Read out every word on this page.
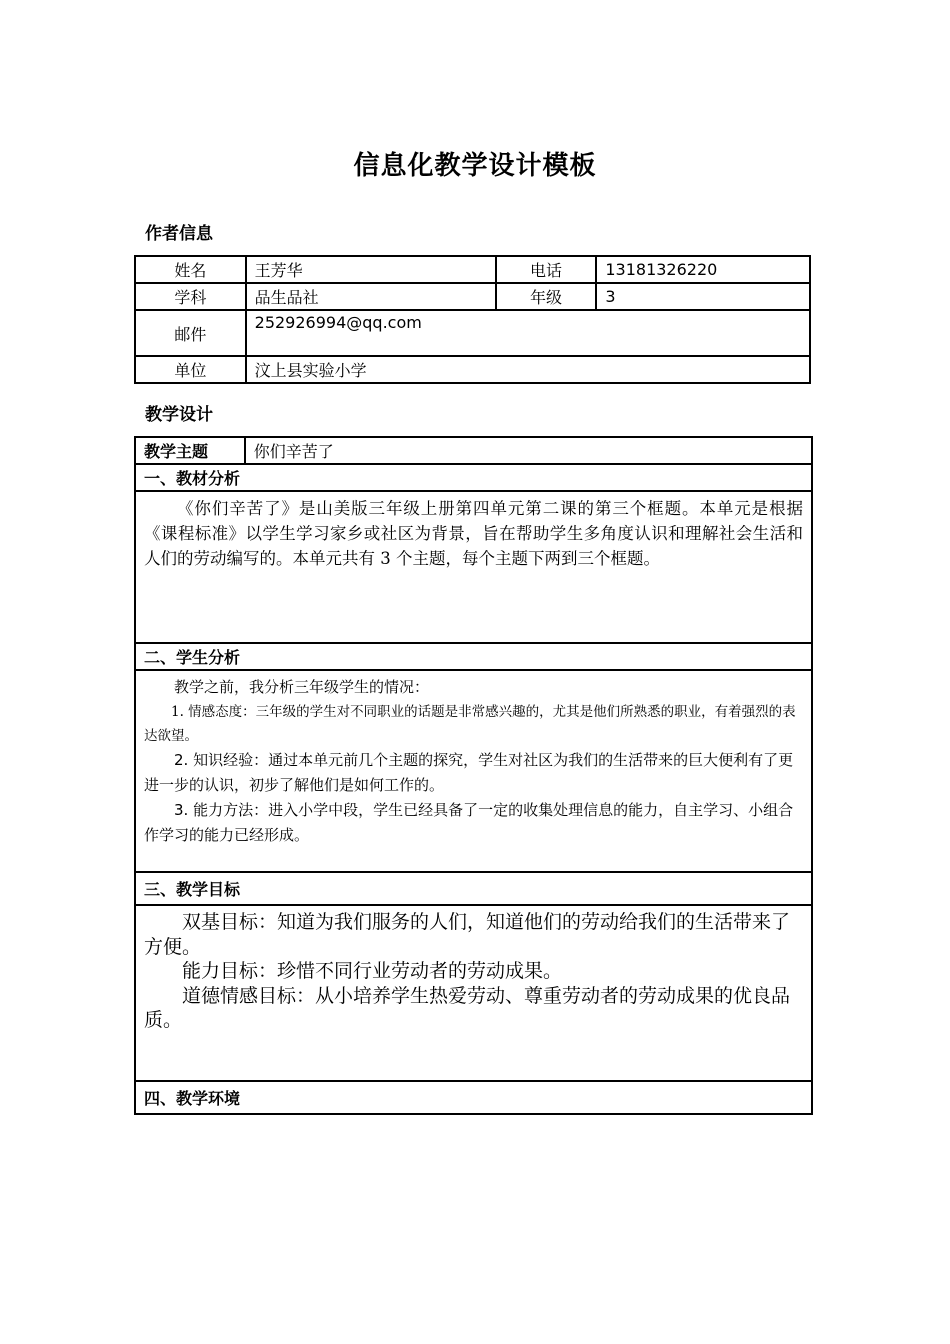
信息化教学设计模板
作者信息
姓名	王芳华	电话	13181326220
学科	品生品社	年级	3
邮件	252926994@qq.com		
单位	汶上县实验小学		
教学设计
教学主题	你们辛苦了
一、教材分析

《你们辛苦了》是山美版三年级上册第四单元第二课的第三个框题。本单元是根据《课程标准》以学生学习家乡或社区为背景，旨在帮助学生多角度认识和理解社会生活和人们的劳动编写的。本单元共有 3 个主题，每个主题下两到三个框题。

二、学生分析

教学之前，我分析三年级学生的情况：

1. 情感态度：三年级的学生对不同职业的话题是非常感兴趣的，尤其是他们所熟悉的职业，有着强烈的表达欲望。

2. 知识经验：通过本单元前几个主题的探究，学生对社区为我们的生活带来的巨大便利有了更进一步的认识，初步了解他们是如何工作的。

3. 能力方法：进入小学中段，学生已经具备了一定的收集处理信息的能力，自主学习、小组合作学习的能力已经形成。

三、教学目标

双基目标：知道为我们服务的人们，知道他们的劳动给我们的生活带来了方便。

能力目标：珍惜不同行业劳动者的劳动成果。

道德情感目标：从小培养学生热爱劳动、尊重劳动者的劳动成果的优良品质。

四、教学环境
